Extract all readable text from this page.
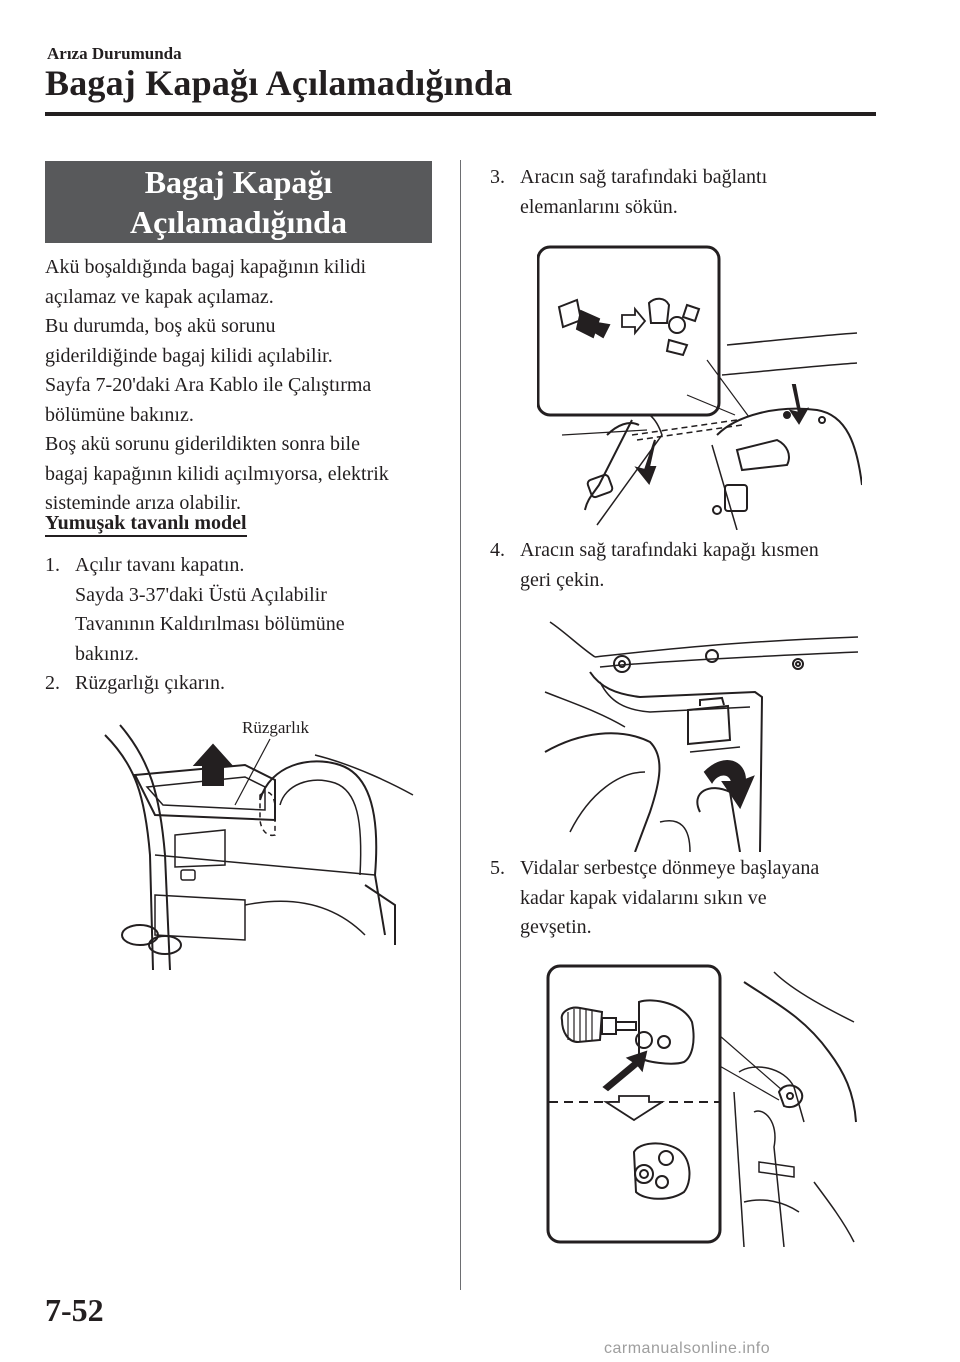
Arıza Durumunda
Bagaj Kapağı Açılamadığında
Bagaj Kapağı
Açılamadığında
Akü boşaldığında bagaj kapağının kilidi
açılamaz ve kapak açılamaz.
Bu durumda, boş akü sorunu
giderildiğinde bagaj kilidi açılabilir.
Sayfa 7-20'daki Ara Kablo ile Çalıştırma
bölümüne bakınız.
Boş akü sorunu giderildikten sonra bile
bagaj kapağının kilidi açılmıyorsa, elektrik
sisteminde arıza olabilir.
Yumuşak tavanlı model
1. Açılır tavanı kapatın.
Sayda 3-37'daki Üstü Açılabilir
Tavanının Kaldırılması bölümüne
bakınız.
2. Rüzgarlığı çıkarın.
Rüzgarlık
3. Aracın sağ tarafındaki bağlantı
elemanlarını sökün.
4. Aracın sağ tarafındaki kapağı kısmen
geri çekin.
5. Vidalar serbestçe dönmeye başlayana
kadar kapak vidalarını sıkın ve
gevşetin.
7-52
carmanualsonline.info
